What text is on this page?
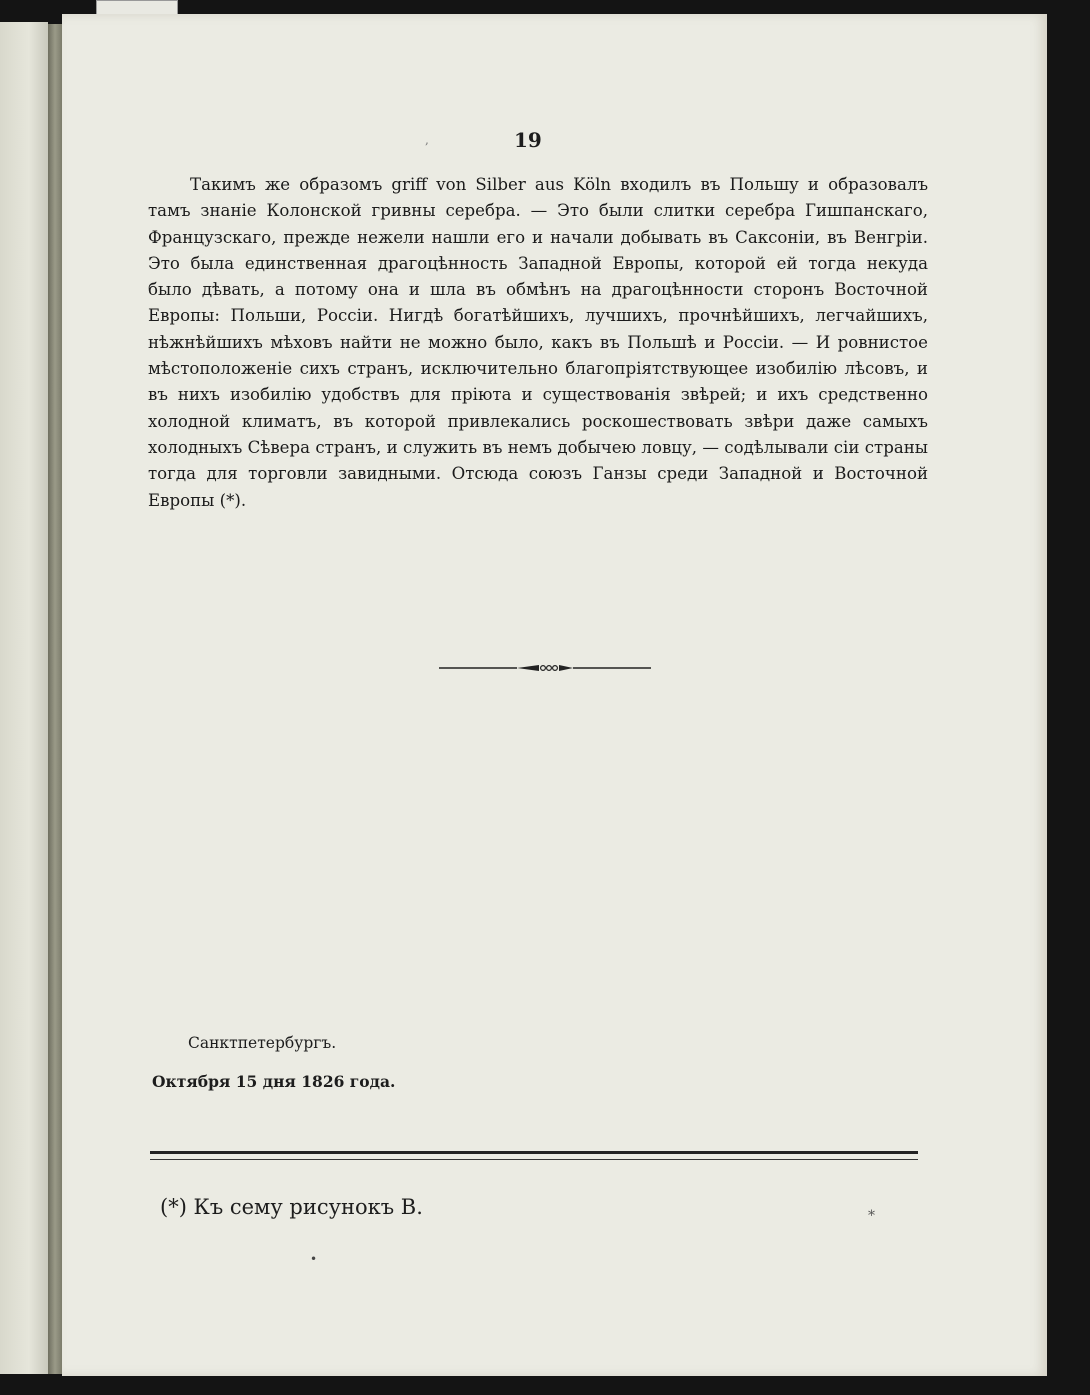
,	19

Такимъ же образомъ griff von Silber aus Köln входилъ въ Польшу и образовалъ тамъ знаніе Колонской гривны серебра. — Это были слитки серебра Гишпанскаго, Французскаго, прежде нежели нашли его и начали добывать въ Саксоніи, въ Венгріи. Это была единственная драгоцѣнность Западной Европы, которой ей тогда некуда было дѣвать, а потому она и шла въ обмѣнъ на драгоцѣнности сторонъ Восточной Европы: Польши, Россіи. Нигдѣ богатѣйшихъ, лучшихъ, прочнѣйшихъ, легчайшихъ, нѣжнѣйшихъ мѣховъ найти не можно было, какъ въ Польшѣ и Россіи. — И ровнистое мѣстоположеніе сихъ странъ, исключительно благопріятствующее изобилію лѣсовъ, и въ нихъ изобилію удобствъ для пріюта и существованія звѣрей; и ихъ средственно холодной климатъ, въ которой привлекались роскошествовать звѣри даже самыхъ холодныхъ Сѣвера странъ, и служить въ немъ добычею ловцу, — содѣлывали сіи страны тогда для торговли завидными. Отсюда союзъ Ганзы среди Западной и Восточной Европы (*).

Санктпетербургъ.
Октября 15 дня 1826 года.
(*) Къ сему рисунокъ В.	*
•
